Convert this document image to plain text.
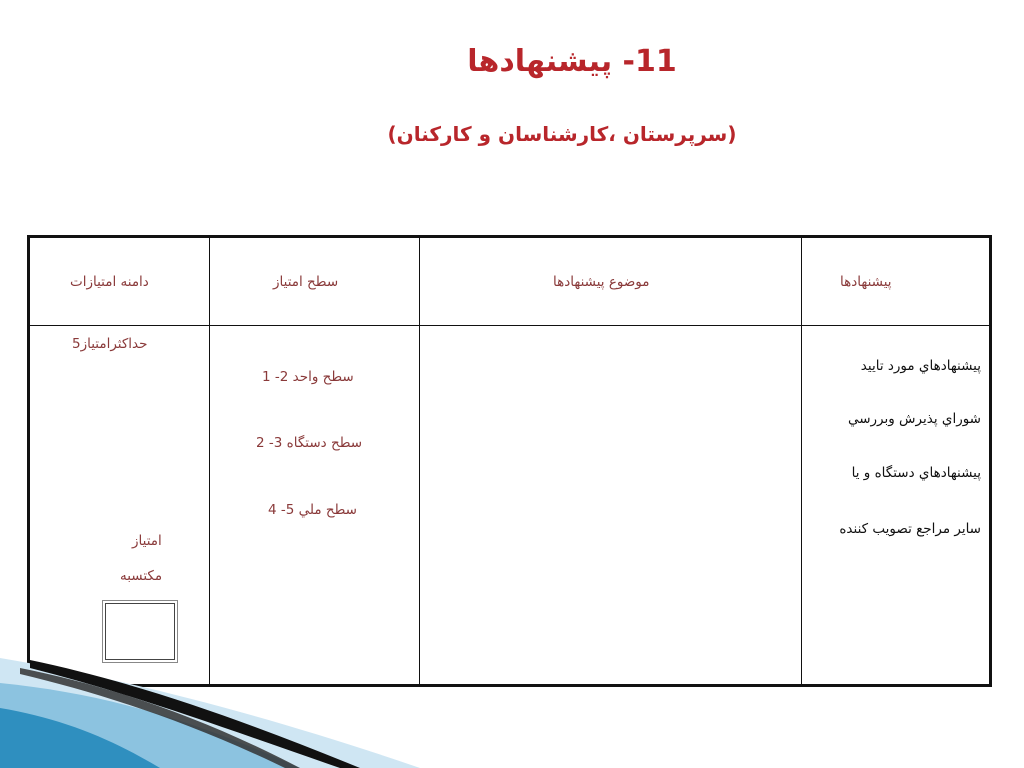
11- پیشنهادها
(سرپرستان ،کارشناسان و کارکنان)
پیشنهادها
موضوع پیشنهادها
سطح امتیاز
دامنه امتیازات
پيشنهادهاي مورد تاييد
شوراي پذيرش وبررسي
پيشنهادهاي دستگاه و يا
ساير مراجع تصويب كننده
سطح واحد 2- 1
سطح دستگاه 3- 2
سطح ملي 5- 4
حداکثرامتیاز5
امتیاز
مکتسبه
